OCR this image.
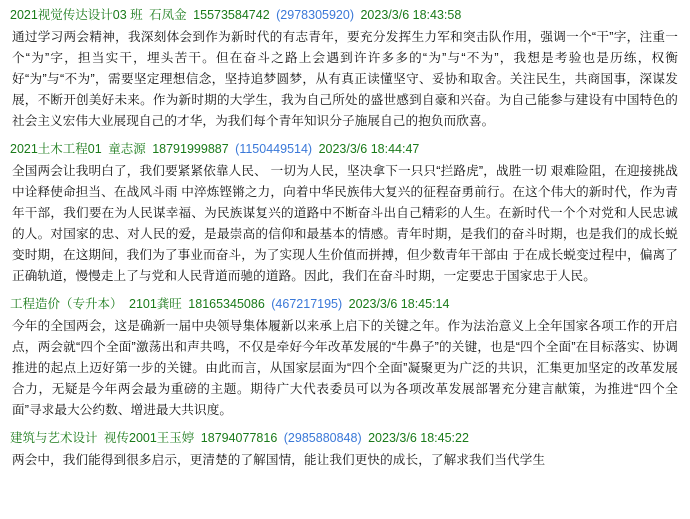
2021视觉传达设计03 班 石凤金 15573584742 (2978305920) 2023/3/6 18:43:58
通过学习两会精神，我深刻体会到作为新时代的有志青年，要充分发挥生力军和突击队作用，强调一个“干”字，注重一个“为”字，担当实干，埋头苦干。但在奋斗之路上会遇到许许多多的“为”与“不为”，我想是考验也是历练，权衡好“为”与“不为”，需要坚定理想信念，坚持追梦圆梦，从有真正读懂坚守、妥协和取舍。关注民生，共商国事，深谋发展，不断开创美好未来。作为新时期的大学生，我为自己所处的盛世感到自豪和兴奋。为自己能参与建设有中国特色的社会主义宏伟大业展现自己的才华，为我们每个青年知识分子施展自己的抱负而欣喜。
2021土木工程01 童志源 18791999887 (1150449514) 2023/3/6 18:44:47
全国两会让我明白了，我们要紧紧依靠人民、 一切为人民，坚决拿下一只只“拦路虎”，战胜一切 艰难险阻，在迎接挑战中诠释使命担当、在战风斗雨 中淬炼铿锵之力，向着中华民族伟大复兴的征程奋勇前行。在这个伟大的新时代，作为青年干部，我们要在为人民谋幸福、为民族谋复兴的道路中不断奋斗出自己精彩的人生。在新时代一个个对党和人民忠诚的人。对国家的忠、对人民的爱，是最崇高的信仰和最基本的情感。青年时期，是我们的奋斗时期，也是我们的成长蜕变时期，在这期间，我们为了事业而奋斗，为了实现人生价值而拼搏，但少数青年干部由 于在成长蜕变过程中，偏离了正确轨道，慢慢走上了与党和人民背道而驰的道路。因此，我们在奋斗时期，一定要忠于国家忠于人民。
工程造价（专升本） 2101龚旺 18165345086 (467217195) 2023/3/6 18:45:14
今年的全国两会，这是确新一届中央领导集体履新以来承上启下的关键之年。作为法治意义上全年国家各项工作的开启点，两会就“四个全面”激荡出和声共鸣，不仅是牵好今年改革发展的“牛鼻子”的关键，也是“四个全面”在目标落实、协调推进的起点上迈好第一步的关键。由此而言，从国家层面为“四个全面”凝聚更为广泛的共识，汇集更加坚定的改革发展合力，无疑是今年两会最为重磅的主题。期待广大代表委员可以为各项改革发展部署充分建言献策，为推进“四个全面”寻求最大公约数、增进最大共识度。
建筑与艺术设计 视传2001王玉婷 18794077816 (2985880848) 2023/3/6 18:45:22
两会中，我们能得到很多启示，更清楚的了解国情，能让我们更快的成长，了解求我们当代学生
